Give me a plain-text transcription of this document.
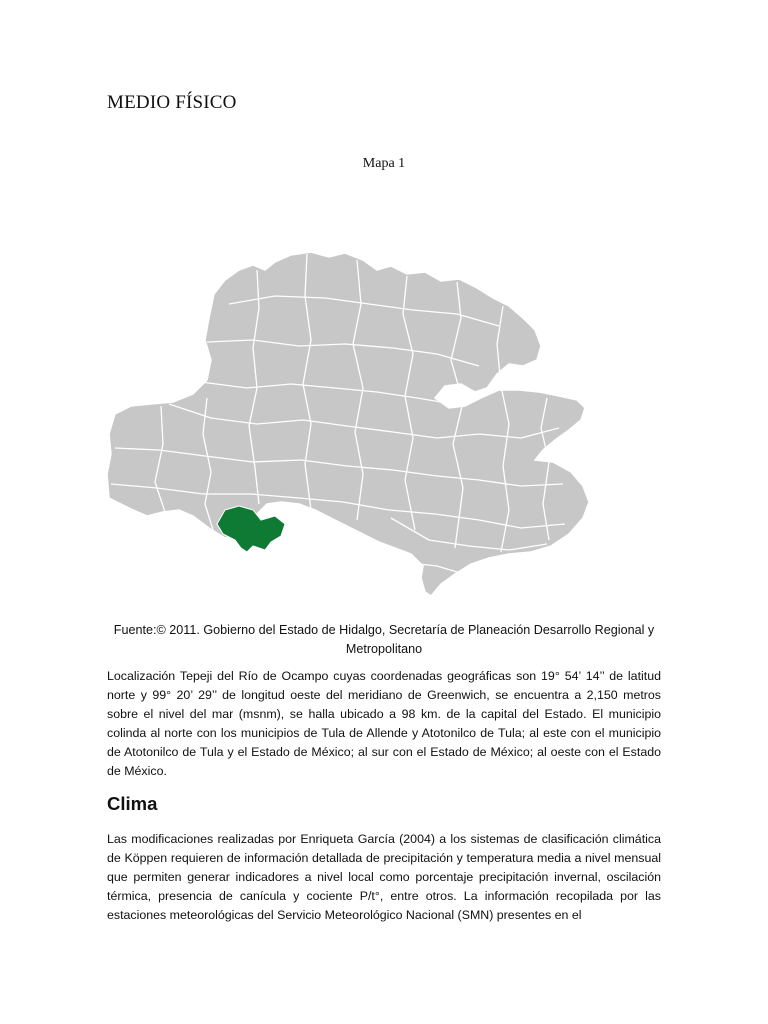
MEDIO FÍSICO

Mapa 1

Fuente:© 2011. Gobierno del Estado de Hidalgo, Secretaría de Planeación Desarrollo Regional y Metropolitano

Localización Tepeji del Río de Ocampo cuyas coordenadas geográficas son 19° 54’ 14’’ de latitud norte y 99° 20’ 29’’ de longitud oeste del meridiano de Greenwich, se encuentra a 2,150 metros sobre el nivel del mar (msnm), se halla ubicado a 98 km. de la capital del Estado. El municipio colinda al norte con los municipios de Tula de Allende y Atotonilco de Tula; al este con el municipio de Atotonilco de Tula y el Estado de México; al sur con el Estado de México; al oeste con el Estado de México.

Clima

Las modificaciones realizadas por Enriqueta García (2004) a los sistemas de clasificación climática de Köppen requieren de información detallada de precipitación y temperatura media a nivel mensual que permiten generar indicadores a nivel local como porcentaje precipitación invernal, oscilación térmica, presencia de canícula y cociente P/t°, entre otros. La información recopilada por las estaciones meteorológicas del Servicio Meteorológico Nacional (SMN) presentes en el
